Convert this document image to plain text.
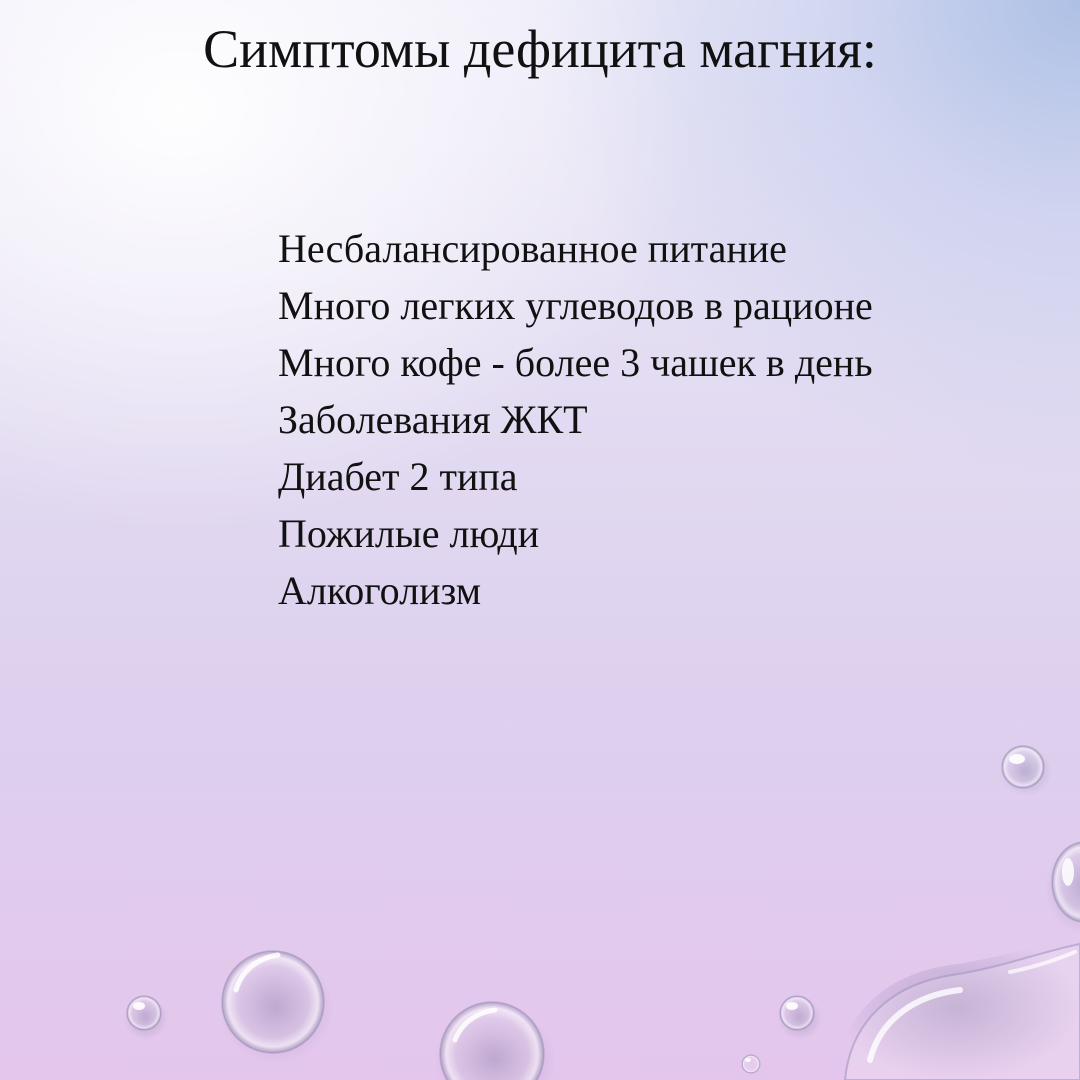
Симптомы дефицита магния:
Несбалансированное питание
Много легких углеводов в рационе
Много кофе - более 3 чашек в день
Заболевания ЖКТ
Диабет 2 типа
Пожилые люди
Алкоголизм
